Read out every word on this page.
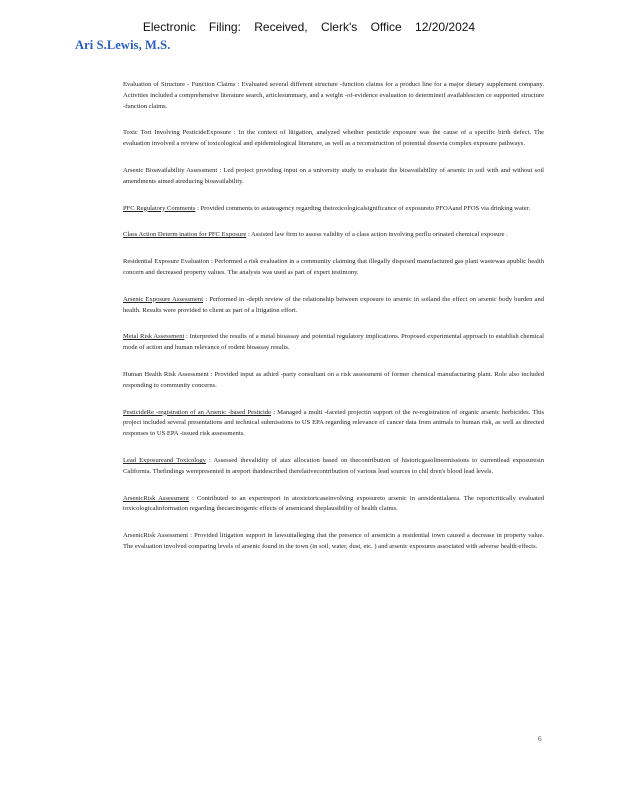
Electronic Filing: Received, Clerk's Office 12/20/2024
Ari S.Lewis, M.S.

Evaluation of Structure - Function Claims : Evaluated several different structure -function claims for a product line for a major dietary supplement company. Activities included a comprehensive literature search, articlesummary, and a weight -of-evidence evaluation to determineif availablescien ce supported structure -function claims.

Toxic Tort Involving PesticideExposure : In the context of litigation, analyzed whether pesticide exposure was the cause of a specific birth defect. The evaluation involved a review of toxicological and epidemiological literature, as well as a reconstruction of potential dosevia complex exposure pathways.

Arsenic Bioavailability Assessment : Led project providing input on a university study to evaluate the bioavailability of arsenic in soil with and without soil amendments aimed atreducing bioavailability.

PFC Regulatory Comments : Provided comments to astateagency regarding thetoxicologicalsignificance of exposureto PFOAand PFOS via drinking water.

Class Action Determ ination for PFC Exposure : Assisted law firm to assess validity of a class action involving perflu orinated chemical exposure .

Residential Exposure Evaluation : Performed a risk evaluation in a community claiming that illegally disposed manufactured gas plant wastewas apublic health concern and decreased property values. The analysis was used as part of expert testimony.

Arsenic Exposure Assessment : Performed in -depth review of the relationship between exposure to arsenic in soiland the effect on arsenic body burden and health. Results were provided to client as part of a litigation effort.

Metal Risk Assessment : Interpreted the results of a metal bioassay and potential regulatory implications. Proposed experimental approach to establish chemical mode of action and human relevance of rodent bioassay results.

Human Health Risk Assessment : Provided input as athird -party consultant on a risk assessment of former chemical manufacturing plant. Role also included responding to community concerns.

PesticideRe -registration of an Arsenic -based Pesticide : Managed a multi -faceted projectin support of the re-registration of organic arsenic herbicides. This project included several presentations and technical submissions to US EPA regarding relevance of cancer data from animals to human risk, as well as directed responses to US EPA -issued risk assessments.

Lead Exposureand Toxicology : Assessed thevalidity of atax allocation based on thecontribution of historicgasolineemissions to currentlead exposuresin California. Thefindings werepresented in areport thatdescribed therelativecontribution of various lead sources to chil dren's blood lead levels.

ArsenicRisk Assessment : Contributed to an expertreport in atoxictortcaseinvolving exposureto arsenic in aresidentialarea. The reportcritically evaluated toxicologicalinformation regarding thecarcinogenic effects of arsenicand theplausibility of health claims.

ArsenicRisk Assessment : Provided litigation support in lawsuitalleging that the presence of arsenicin a residential town caused a decrease in property value. The evaluation involved comparing levels of arsenic found in the town (in soil, water, dust, etc. ) and arsenic exposures associated with adverse health effects.

6
